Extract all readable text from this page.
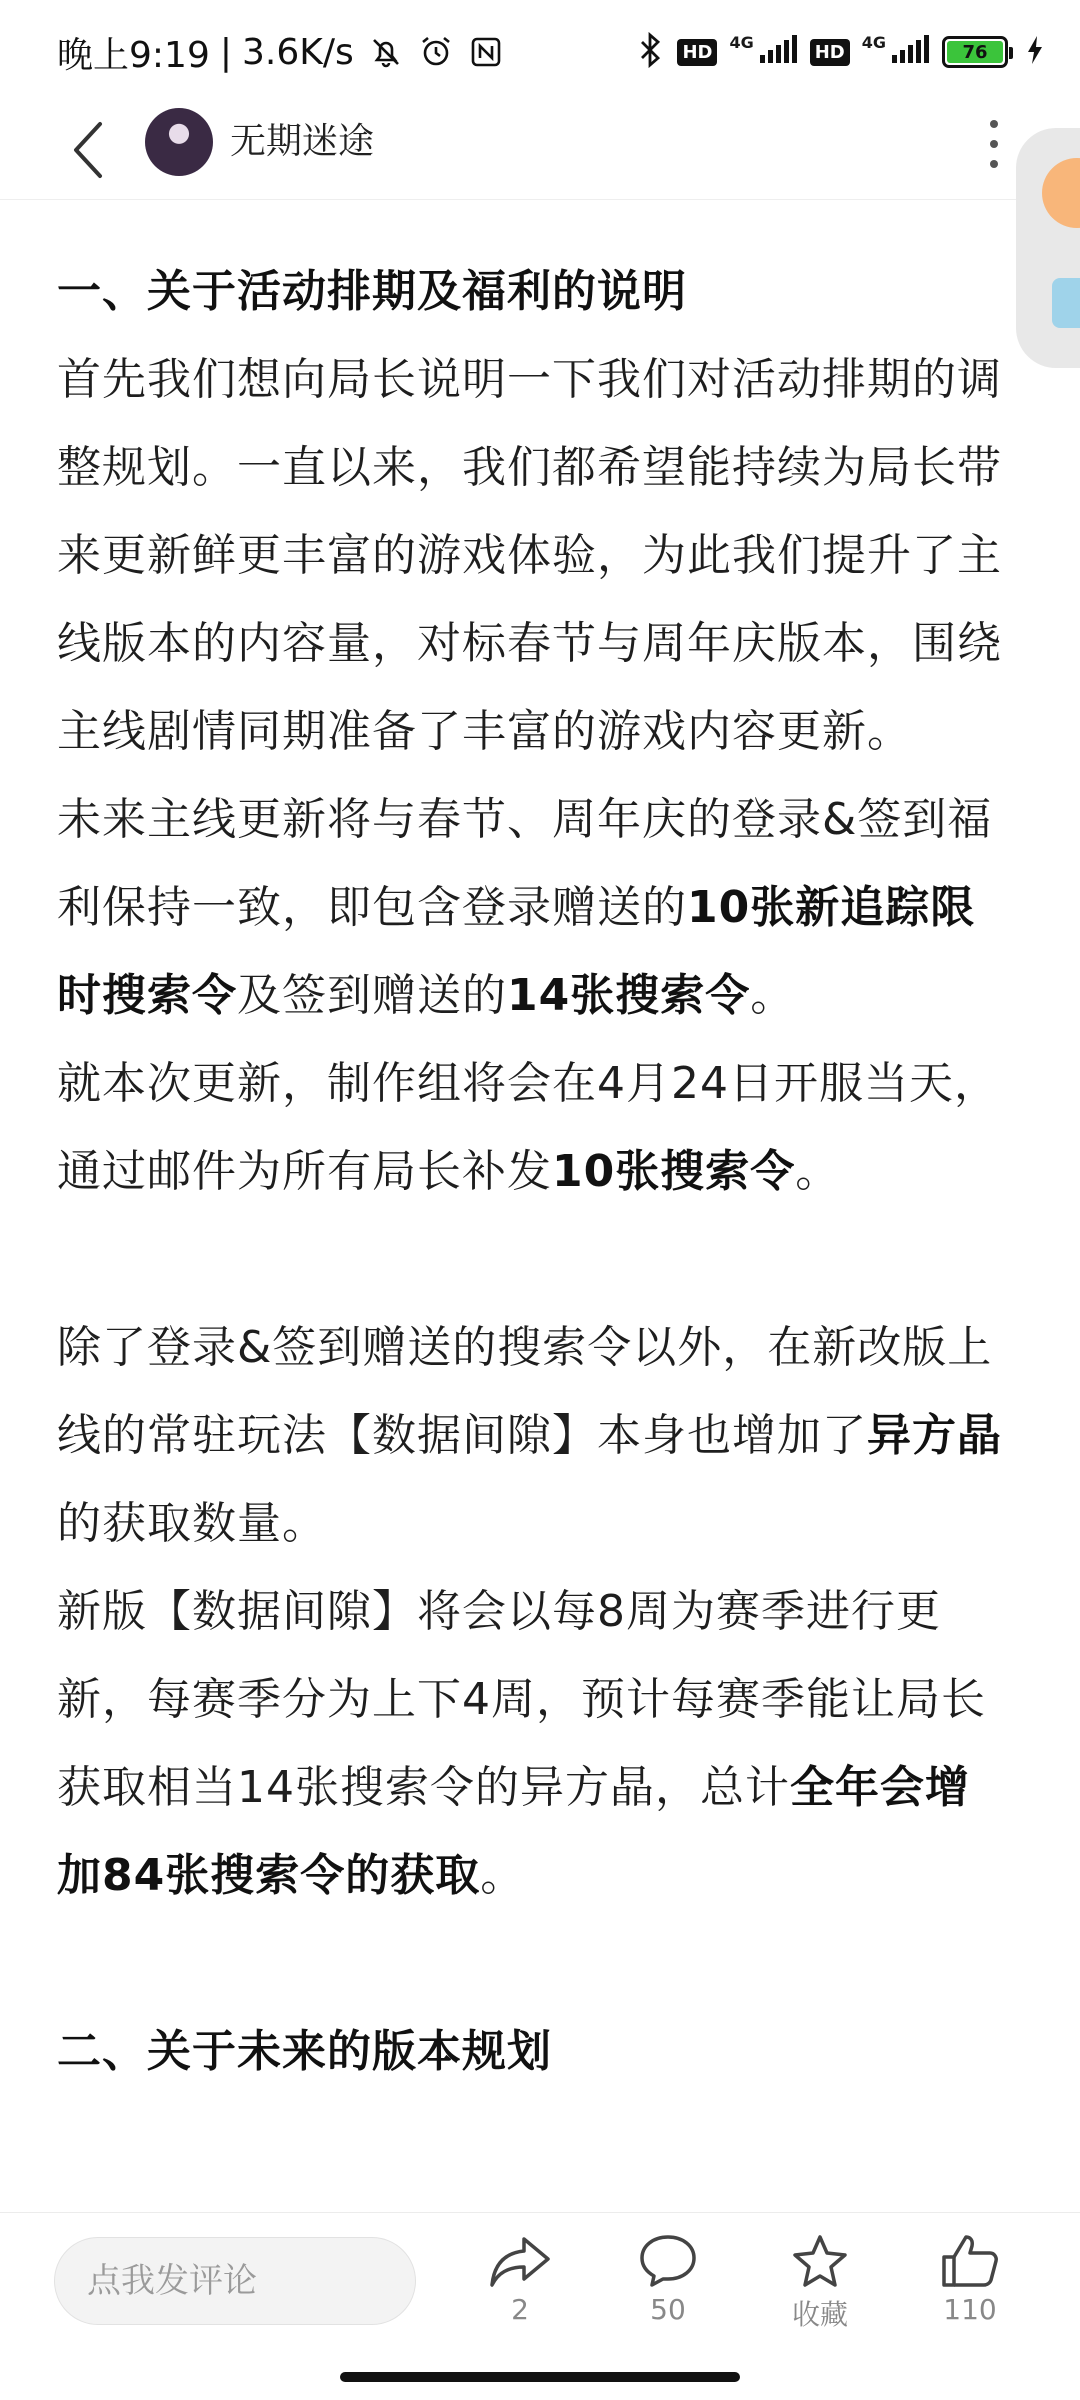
晚上9:19 | 3.6K/s	HD	4G	HD	4G	76
无期迷途

一、关于活动排期及福利的说明

首先我们想向局长说明一下我们对活动排期的调整规划。一直以来，我们都希望能持续为局长带来更新鲜更丰富的游戏体验，为此我们提升了主线版本的内容量，对标春节与周年庆版本，围绕主线剧情同期准备了丰富的游戏内容更新。

未来主线更新将与春节、周年庆的登录&签到福利保持一致，即包含登录赠送的10张新追踪限时搜索令及签到赠送的14张搜索令。

就本次更新，制作组将会在4月24日开服当天，通过邮件为所有局长补发10张搜索令。

除了登录&签到赠送的搜索令以外，在新改版上线的常驻玩法【数据间隙】本身也增加了异方晶的获取数量。

新版【数据间隙】将会以每8周为赛季进行更新，每赛季分为上下4周，预计每赛季能让局长获取相当14张搜索令的异方晶，总计全年会增加84张搜索令的获取。

二、关于未来的版本规划

点我发评论
2	50	收藏	110
